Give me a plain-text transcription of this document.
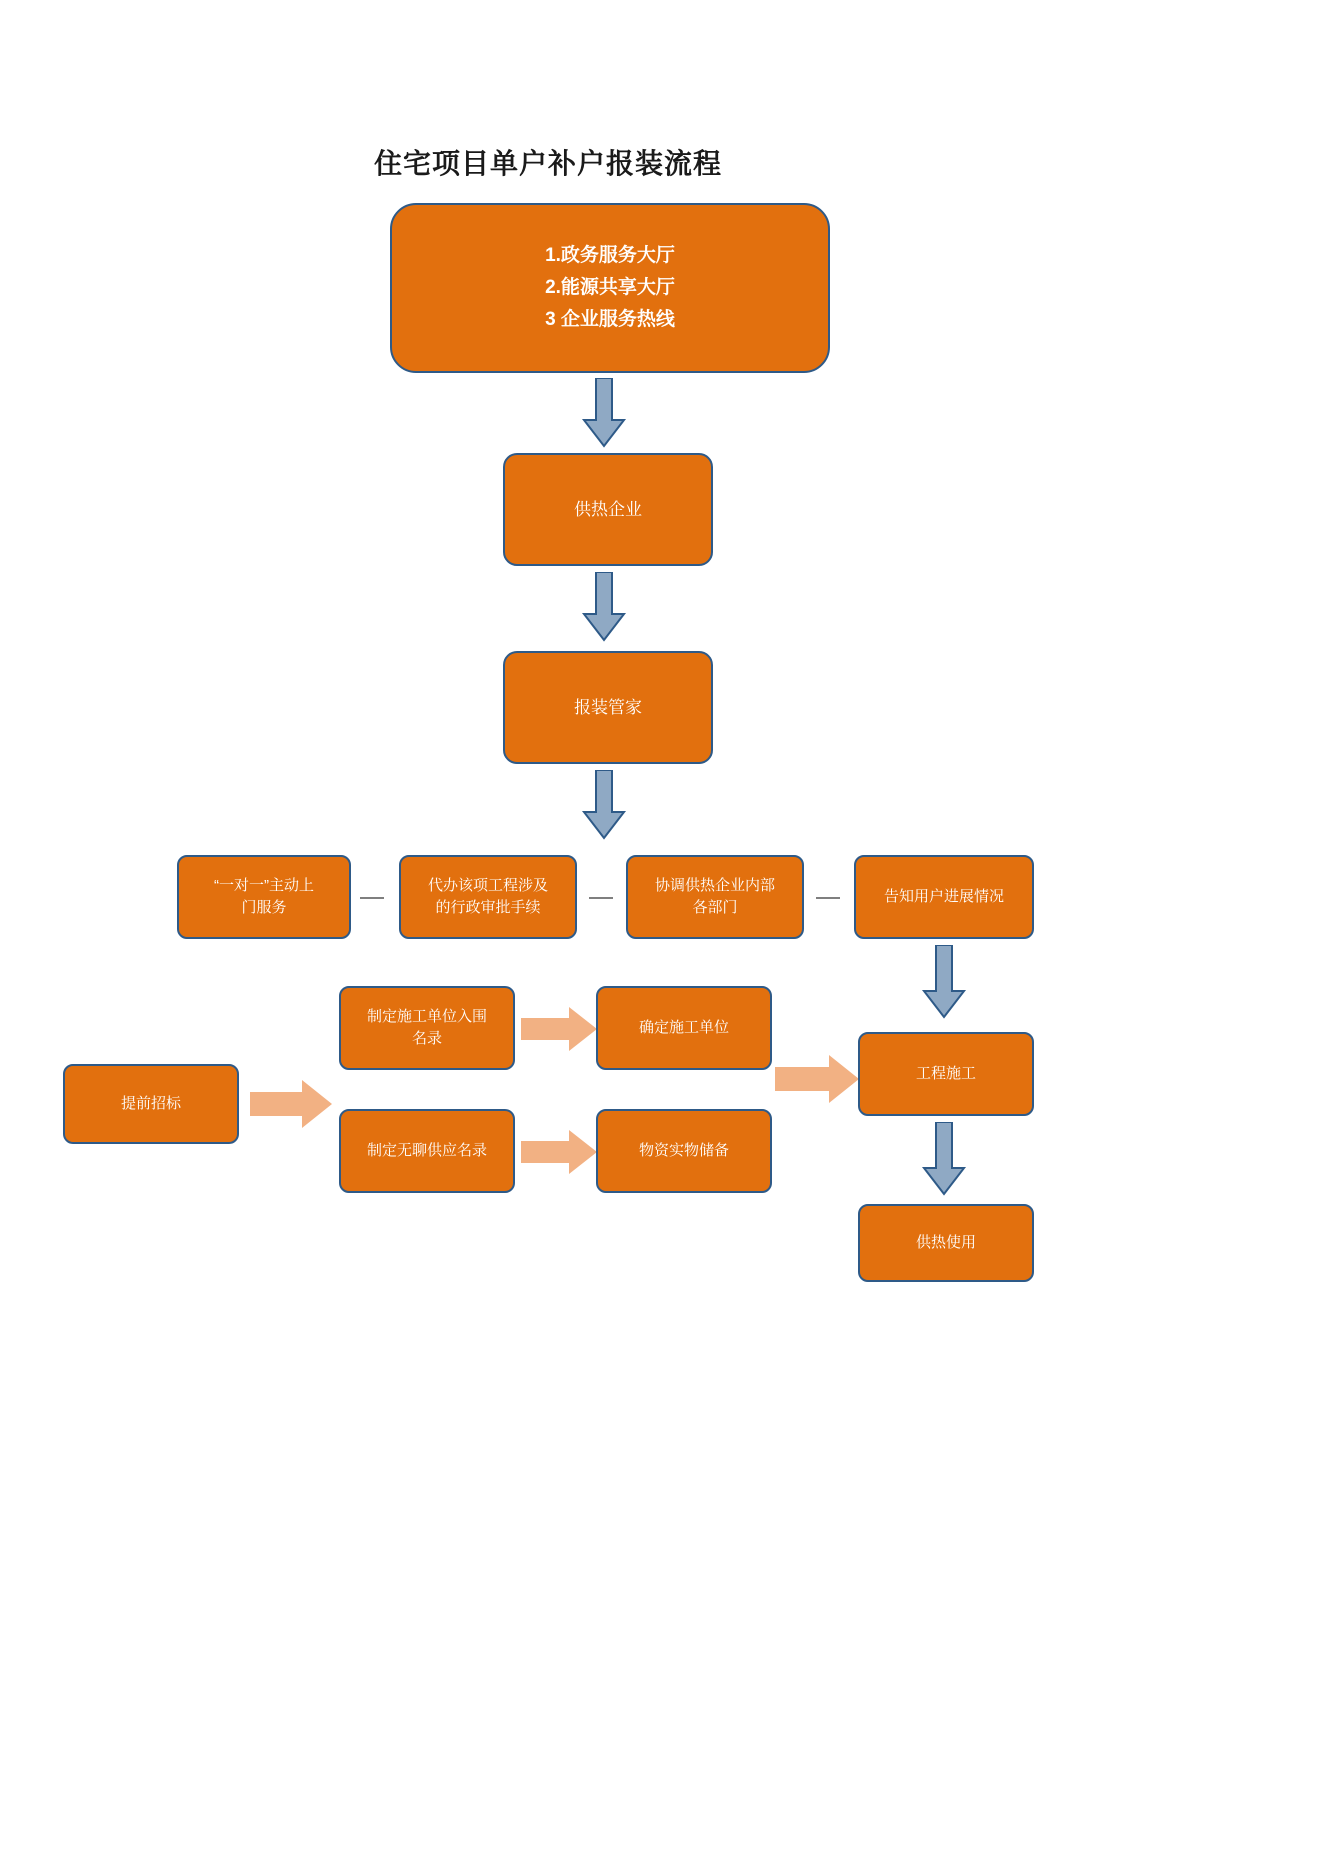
住宅项目单户补户报装流程
1.政务服务大厅
2.能源共享大厅
3 企业服务热线
供热企业
报装管家
“一对一”主动上
门服务
代办该项工程涉及
的行政审批手续
协调供热企业内部
各部门
告知用户进展情况
提前招标
制定施工单位入围
名录
确定施工单位
制定无聊供应名录	物资实物储备
工程施工
供热使用
